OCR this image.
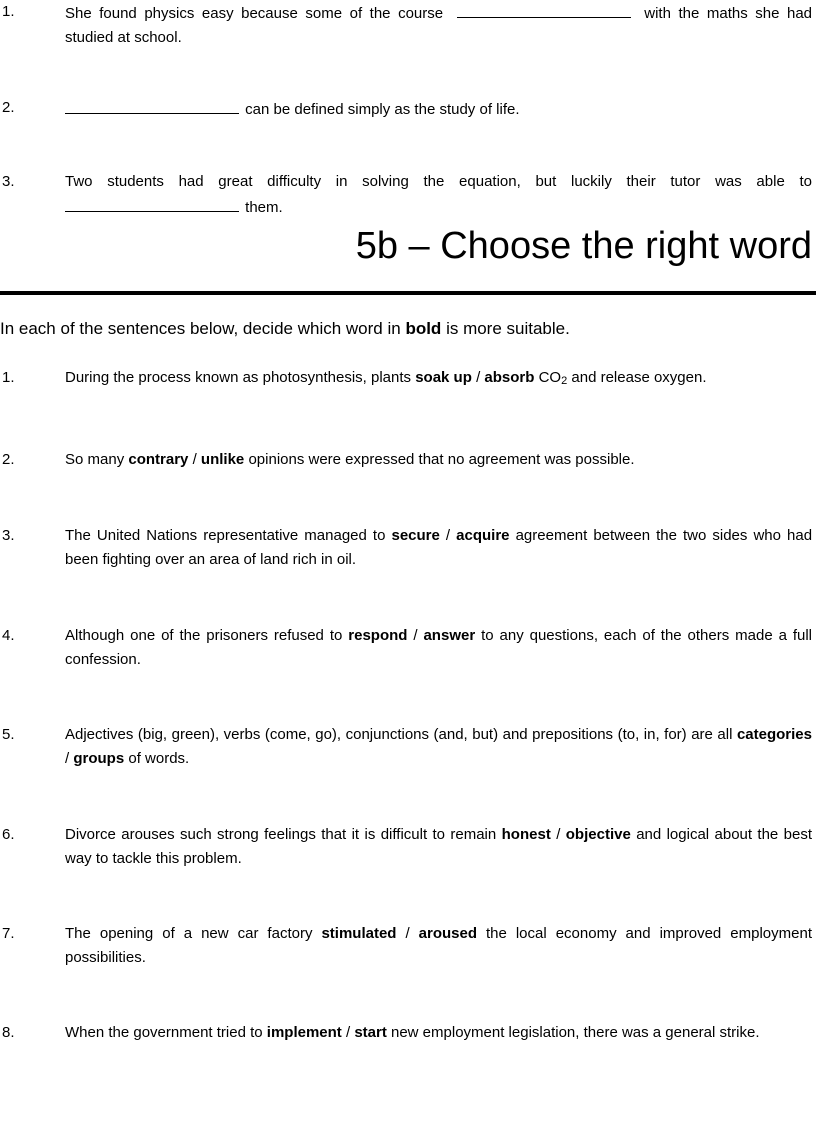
1.	She found physics easy because some of the course	with the maths she had studied at school.
2.	can be defined simply as the study of life.
3.	Two students had great difficulty in solving the equation, but luckily their tutor was able to  them.
5b – Choose the right word
In each of the sentences below, decide which word in bold is more suitable.
1.	During the process known as photosynthesis, plants soak up / absorb $CO_2$ and release oxygen.
2.	So many contrary / unlike opinions were expressed that no agreement was possible.
3.	The United Nations representative managed to secure / acquire agreement between the two sides who had been fighting over an area of land rich in oil.
4.	Although one of the prisoners refused to respond / answer to any questions, each of the others made a full confession.
5.	Adjectives (big, green), verbs (come, go), conjunctions (and, but) and prepositions (to, in, for) are all categories / groups of words.
6.	Divorce arouses such strong feelings that it is difficult to remain honest / objective and logical about the best way to tackle this problem.
7.	The opening of a new car factory stimulated / aroused the local economy and improved employment possibilities.
8.	When the government tried to implement / start new employment legislation, there was a general strike.
